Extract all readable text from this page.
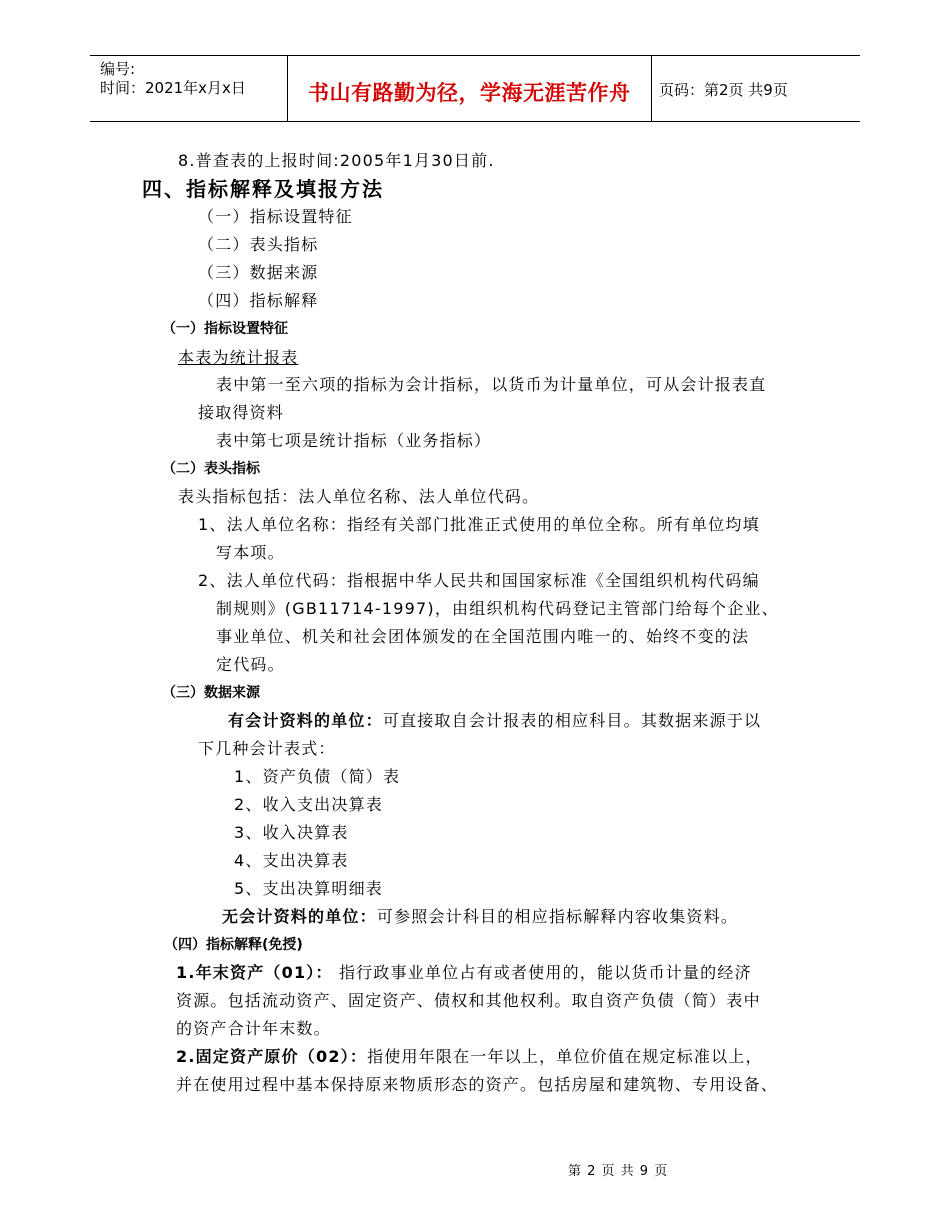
编号:
时间：2021年x月x日	书山有路勤为径，学海无涯苦作舟 页码：第2页 共9页
8.普查表的上报时间:2005年1月30日前.
四、指标解释及填报方法
（一）指标设置特征
（二）表头指标
（三）数据来源
（四）指标解释
（一）指标设置特征
本表为统计报表
表中第一至六项的指标为会计指标，以货币为计量单位，可从会计报表直
接取得资料
表中第七项是统计指标（业务指标）
（二）表头指标
表头指标包括：法人单位名称、法人单位代码。
1、法人单位名称：指经有关部门批准正式使用的单位全称。所有单位均填
写本项。
2、法人单位代码：指根据中华人民共和国国家标准《全国组织机构代码编
制规则》(GB11714-1997)，由组织机构代码登记主管部门给每个企业、
事业单位、机关和社会团体颁发的在全国范围内唯一的、始终不变的法
定代码。
（三）数据来源
有会计资料的单位：可直接取自会计报表的相应科目。其数据来源于以
下几种会计表式：
1、资产负债（简）表
2、收入支出决算表
3、收入决算表
4、支出决算表
5、支出决算明细表
无会计资料的单位：可参照会计科目的相应指标解释内容收集资料。
（四）指标解释(免授)
1.年末资产（01）： 指行政事业单位占有或者使用的，能以货币计量的经济
资源。包括流动资产、固定资产、债权和其他权利。取自资产负债（简）表中
的资产合计年末数。
2.固定资产原价（02）：指使用年限在一年以上，单位价值在规定标准以上，
并在使用过程中基本保持原来物质形态的资产。包括房屋和建筑物、专用设备、
第 2 页 共 9 页
